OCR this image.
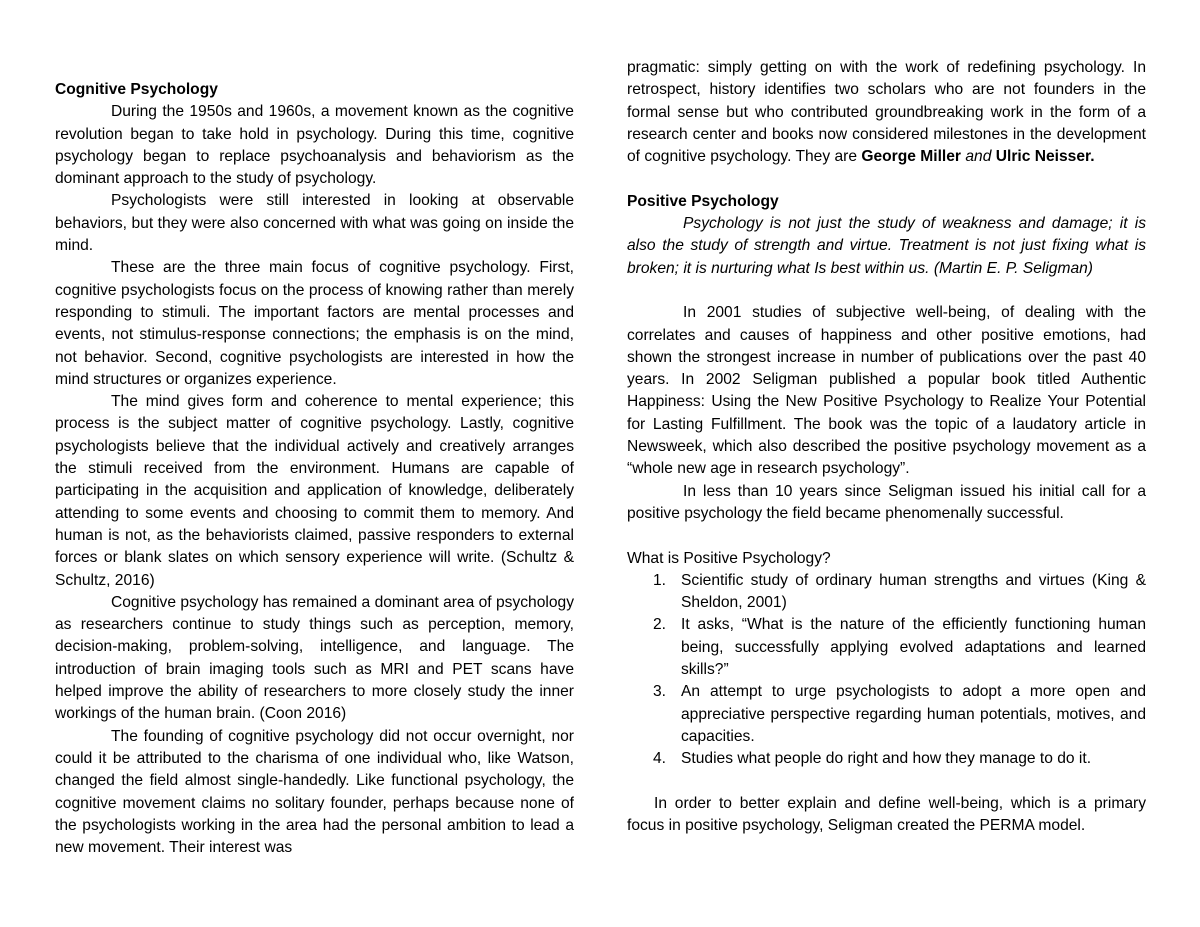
Cognitive Psychology

During the 1950s and 1960s, a movement known as the cognitive revolution began to take hold in psychology. During this time, cognitive psychology began to replace psychoanalysis and behaviorism as the dominant approach to the study of psychology.

Psychologists were still interested in looking at observable behaviors, but they were also concerned with what was going on inside the mind.

These are the three main focus of cognitive psychology. First, cognitive psychologists focus on the process of knowing rather than merely responding to stimuli. The important factors are mental processes and events, not stimulus-response connections; the emphasis is on the mind, not behavior. Second, cognitive psychologists are interested in how the mind structures or organizes experience.

The mind gives form and coherence to mental experience; this process is the subject matter of cognitive psychology. Lastly, cognitive psychologists believe that the individual actively and creatively arranges the stimuli received from the environment. Humans are capable of participating in the acquisition and application of knowledge, deliberately attending to some events and choosing to commit them to memory. And human is not, as the behaviorists claimed, passive responders to external forces or blank slates on which sensory experience will write. (Schultz & Schultz, 2016)

Cognitive psychology has remained a dominant area of psychology as researchers continue to study things such as perception, memory, decision-making, problem-solving, intelligence, and language. The introduction of brain imaging tools such as MRI and PET scans have helped improve the ability of researchers to more closely study the inner workings of the human brain. (Coon 2016)

The founding of cognitive psychology did not occur overnight, nor could it be attributed to the charisma of one individual who, like Watson, changed the field almost single-handedly. Like functional psychology, the cognitive movement claims no solitary founder, perhaps because none of the psychologists working in the area had the personal ambition to lead a new movement. Their interest was

pragmatic: simply getting on with the work of redefining psychology. In retrospect, history identifies two scholars who are not founders in the formal sense but who contributed groundbreaking work in the form of a research center and books now considered milestones in the development of cognitive psychology. They are George Miller and Ulric Neisser.

Positive Psychology

Psychology is not just the study of weakness and damage; it is also the study of strength and virtue. Treatment is not just fixing what is broken; it is nurturing what Is best within us. (Martin E. P. Seligman)

In 2001 studies of subjective well-being, of dealing with the correlates and causes of happiness and other positive emotions, had shown the strongest increase in number of publications over the past 40 years. In 2002 Seligman published a popular book titled Authentic Happiness: Using the New Positive Psychology to Realize Your Potential for Lasting Fulfillment. The book was the topic of a laudatory article in Newsweek, which also described the positive psychology movement as a “whole new age in research psychology”.

In less than 10 years since Seligman issued his initial call for a positive psychology the field became phenomenally successful.

What is Positive Psychology?

1. Scientific study of ordinary human strengths and virtues (King & Sheldon, 2001)
2. It asks, “What is the nature of the efficiently functioning human being, successfully applying evolved adaptations and learned skills?”
3. An attempt to urge psychologists to adopt a more open and appreciative perspective regarding human potentials, motives, and capacities.
4. Studies what people do right and how they manage to do it.

In order to better explain and define well-being, which is a primary focus in positive psychology, Seligman created the PERMA model.
